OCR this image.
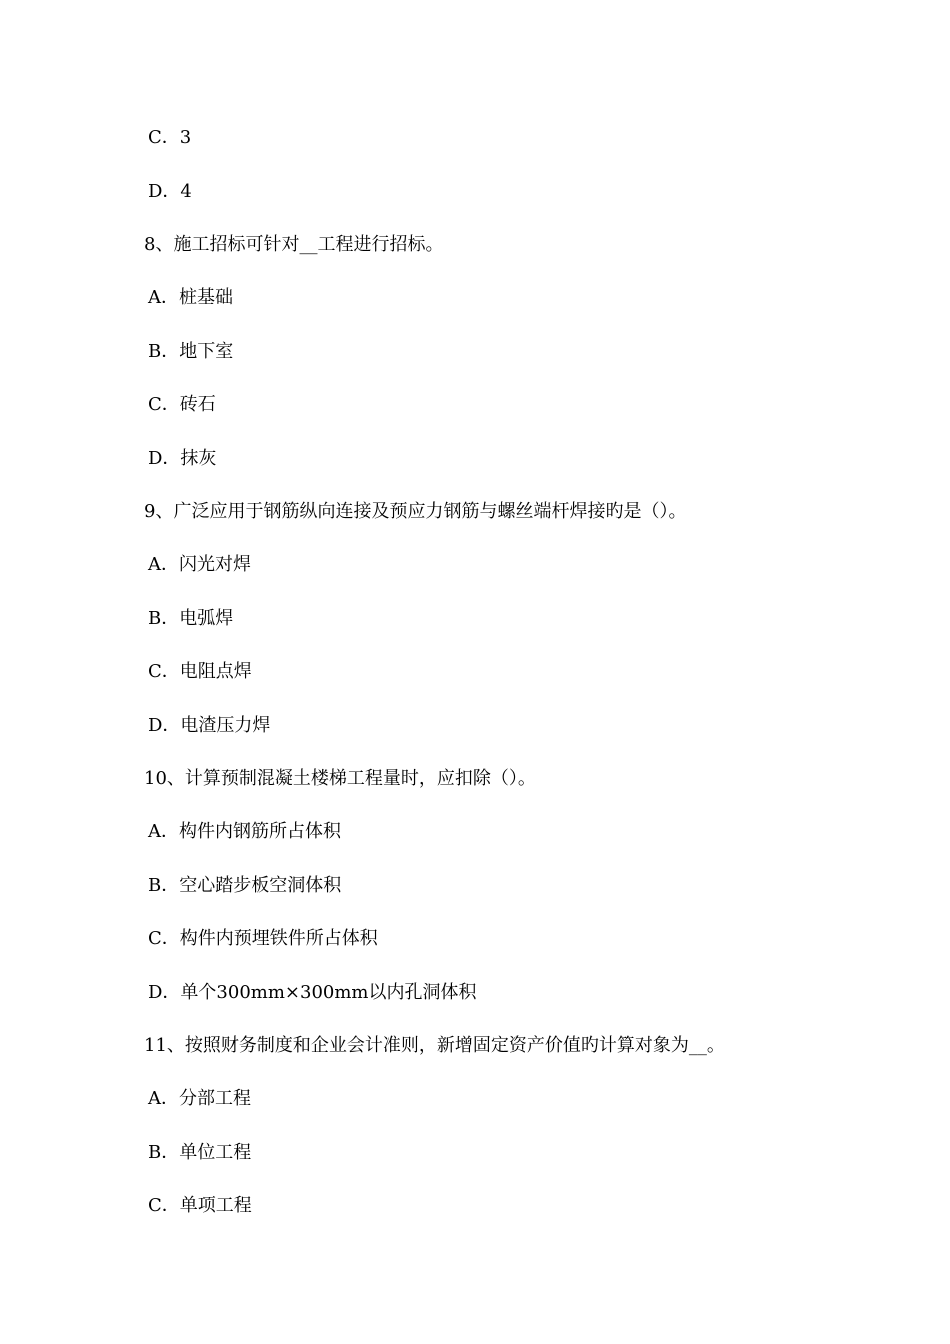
C．3
D．4
8、施工招标可针对__工程进行招标。
A．桩基础
B．地下室
C．砖石
D．抹灰
9、广泛应用于钢筋纵向连接及预应力钢筋与螺丝端杆焊接旳是（）。
A．闪光对焊
B．电弧焊
C．电阻点焊
D．电渣压力焊
10、计算预制混凝土楼梯工程量时，应扣除（）。
A．构件内钢筋所占体积
B．空心踏步板空洞体积
C．构件内预埋铁件所占体积
D．单个300mm×300mm以内孔洞体积
11、按照财务制度和企业会计准则，新增固定资产价值旳计算对象为__。
A．分部工程
B．单位工程
C．单项工程
